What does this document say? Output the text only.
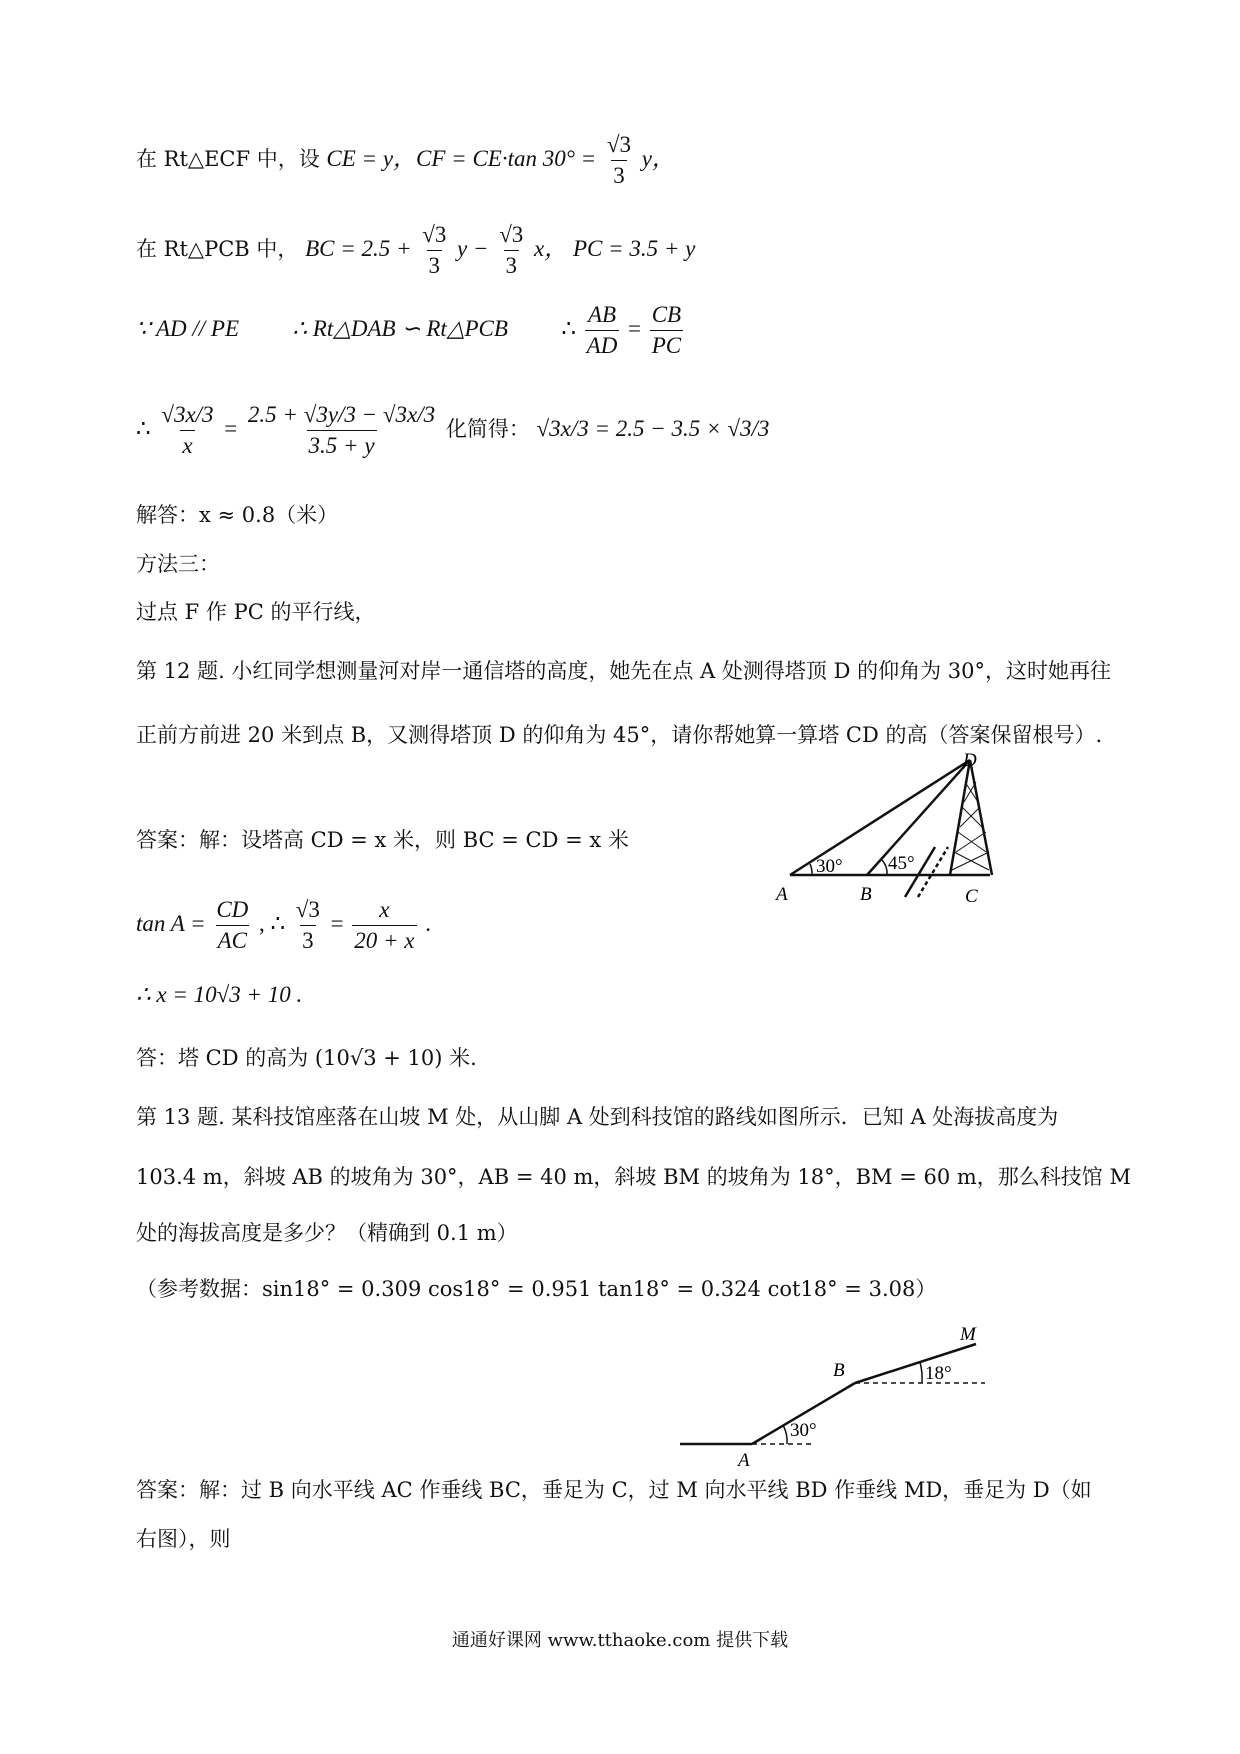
在 Rt△ECF 中，设 CE = y，CF = CE·tan $30^\circ = \frac{√3}{3}$ y，
在 Rt△PCB 中， BC = $2.5 + \frac{√3}{3}$ $y - \frac{√3}{3}$ x， PC = 3.5 + y
∵ AD // PE ∴ Rt△DAB ∽ Rt△PCB ∴ $\frac{AB}{AD} = \frac{CB}{PC}$
∴ $\frac{√3x/3}{x} = \frac{2.5 + √3y/3 - √3x/3}{3.5 + y}$ 化简得： √3x/3 = 2.5 − 3.5 × √3/3
解答：x ≈ 0.8（米）
方法三：
过点 F 作 PC 的平行线，
第 12 题. 小红同学想测量河对岸一通信塔的高度，她先在点 A 处测得塔顶 D 的仰角为 30°，这时她再往
正前方前进 20 米到点 B，又测得塔顶 D 的仰角为 45°，请你帮她算一算塔 CD 的高（答案保留根号）.
D
A	B	C
30° 45°
答案：解：设塔高 CD = x 米，则 BC = CD = x 米
$\tan A = \frac{CD}{AC}$ , ∴ $\frac{√3}{3} = \frac{x}{20 + x}$ .
∴ x = 10√3 + 10 .
答：塔 CD 的高为 (10√3 + 10) 米.
第 13 题. 某科技馆座落在山坡 M 处，从山脚 A 处到科技馆的路线如图所示．已知 A 处海拔高度为
103.4 m，斜坡 AB 的坡角为 30°，AB = 40 m，斜坡 BM 的坡角为 18°，BM = 60 m，那么科技馆 M
处的海拔高度是多少？（精确到 0.1 m）
（参考数据：sin18° = 0.309 cos18° = 0.951 tan18° = 0.324 cot18° = 3.08）
M
B
A
18°
30°
答案：解：过 B 向水平线 AC 作垂线 BC，垂足为 C，过 M 向水平线 BD 作垂线 MD，垂足为 D（如
右图），则
通通好课网 www.tthaoke.com 提供下载
